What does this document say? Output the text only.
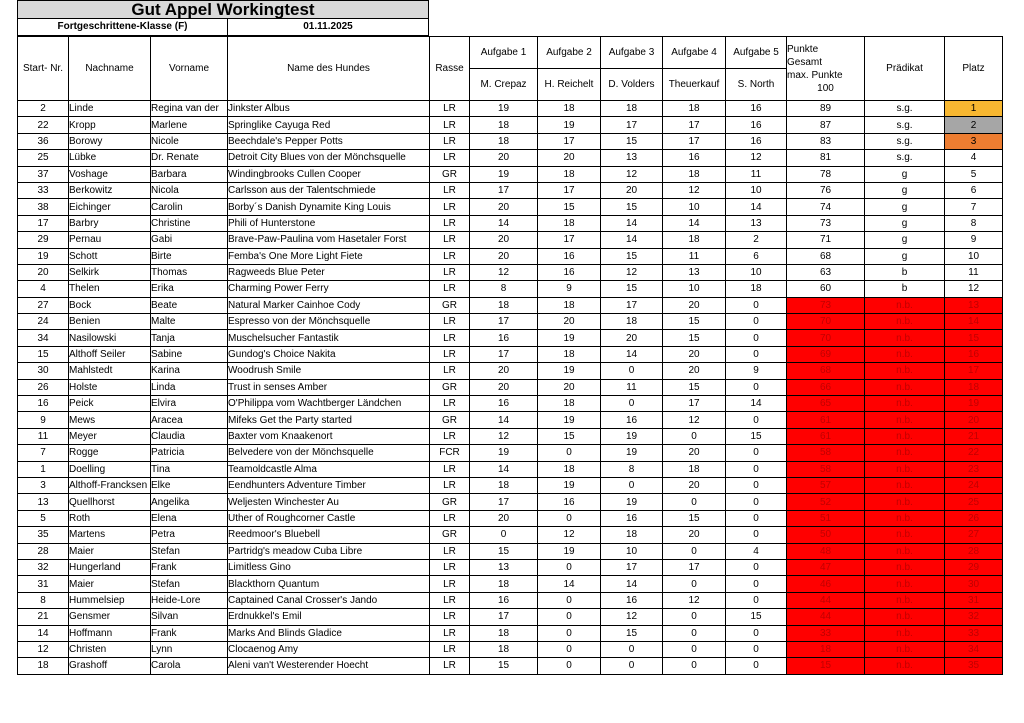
Gut Appel Workingtest
Fortgeschrittene-Klasse (F)	01.11.2025
Start- Nr.	Nachname	Vorname	Name des Hundes	Rasse	Aufgabe 1	Aufgabe 2	Aufgabe 3	Aufgabe 4	Aufgabe 5	Punkte
Gesamt
max. Punkte
100	Prädikat	Platz
					M. Crepaz	H. Reichelt	D. Volders	Theuerkauf	S. North			
2	Linde	Regina van der	Jinkster Albus	LR	19	18	18	18	16	89	s.g.	1
22	Kropp	Marlene	Springlike Cayuga Red	LR	18	19	17	17	16	87	s.g.	2
36	Borowy	Nicole	Beechdale's Pepper Potts	LR	18	17	15	17	16	83	s.g.	3
25	Lübke	Dr. Renate	Detroit City Blues von der Mönchsquelle	LR	20	20	13	16	12	81	s.g.	4
37	Voshage	Barbara	Windingbrooks Cullen Cooper	GR	19	18	12	18	11	78	g	5
33	Berkowitz	Nicola	Carlsson aus der Talentschmiede	LR	17	17	20	12	10	76	g	6
38	Eichinger	Carolin	Borby´s Danish Dynamite King Louis	LR	20	15	15	10	14	74	g	7
17	Barbry	Christine	Phili of Hunterstone	LR	14	18	14	14	13	73	g	8
29	Pernau	Gabi	Brave-Paw-Paulina vom Hasetaler Forst	LR	20	17	14	18	2	71	g	9
19	Schott	Birte	Femba's One More Light Fiete	LR	20	16	15	11	6	68	g	10
20	Selkirk	Thomas	Ragweeds Blue Peter	LR	12	16	12	13	10	63	b	11
4	Thelen	Erika	Charming Power Ferry	LR	8	9	15	10	18	60	b	12
27	Bock	Beate	Natural Marker Cainhoe Cody	GR	18	18	17	20	0	73	n.b.	13
24	Benien	Malte	Espresso von der Mönchsquelle	LR	17	20	18	15	0	70	n.b.	14
34	Nasilowski	Tanja	Muschelsucher Fantastik	LR	16	19	20	15	0	70	n.b.	15
15	Althoff Seiler	Sabine	Gundog's Choice Nakita	LR	17	18	14	20	0	69	n.b.	16
30	Mahlstedt	Karina	Woodrush Smile	LR	20	19	0	20	9	68	n.b.	17
26	Holste	Linda	Trust in senses Amber	GR	20	20	11	15	0	66	n.b.	18
16	Peick	Elvira	O'Philippa vom Wachtberger Ländchen	LR	16	18	0	17	14	65	n.b.	19
9	Mews	Aracea	Mifeks Get the Party started	GR	14	19	16	12	0	61	n.b.	20
11	Meyer	Claudia	Baxter vom Knaakenort	LR	12	15	19	0	15	61	n.b.	21
7	Rogge	Patricia	Belvedere von der Mönchsquelle	FCR	19	0	19	20	0	58	n.b.	22
1	Doelling	Tina	Teamoldcastle Alma	LR	14	18	8	18	0	58	n.b.	23
3	Althoff-Francksen	Elke	Eendhunters Adventure Timber	LR	18	19	0	20	0	57	n.b.	24
13	Quellhorst	Angelika	Weljesten Winchester Au	GR	17	16	19	0	0	52	n.b.	25
5	Roth	Elena	Uther of Roughcorner Castle	LR	20	0	16	15	0	51	n.b.	26
35	Martens	Petra	Reedmoor's Bluebell	GR	0	12	18	20	0	50	n.b.	27
28	Maier	Stefan	Partridg's meadow Cuba Libre	LR	15	19	10	0	4	48	n.b.	28
32	Hungerland	Frank	Limitless Gino	LR	13	0	17	17	0	47	n.b.	29
31	Maier	Stefan	Blackthorn Quantum	LR	18	14	14	0	0	46	n.b.	30
8	Hummelsiep	Heide-Lore	Captained Canal Crosser's Jando	LR	16	0	16	12	0	44	n.b.	31
21	Gensmer	Silvan	Erdnukkel's Emil	LR	17	0	12	0	15	44	n.b.	32
14	Hoffmann	Frank	Marks And Blinds Gladice	LR	18	0	15	0	0	33	n.b.	33
12	Christen	Lynn	Clocaenog Amy	LR	18	0	0	0	0	18	n.b.	34
18	Grashoff	Carola	Aleni van't Westerender Hoecht	LR	15	0	0	0	0	15	n.b.	35
